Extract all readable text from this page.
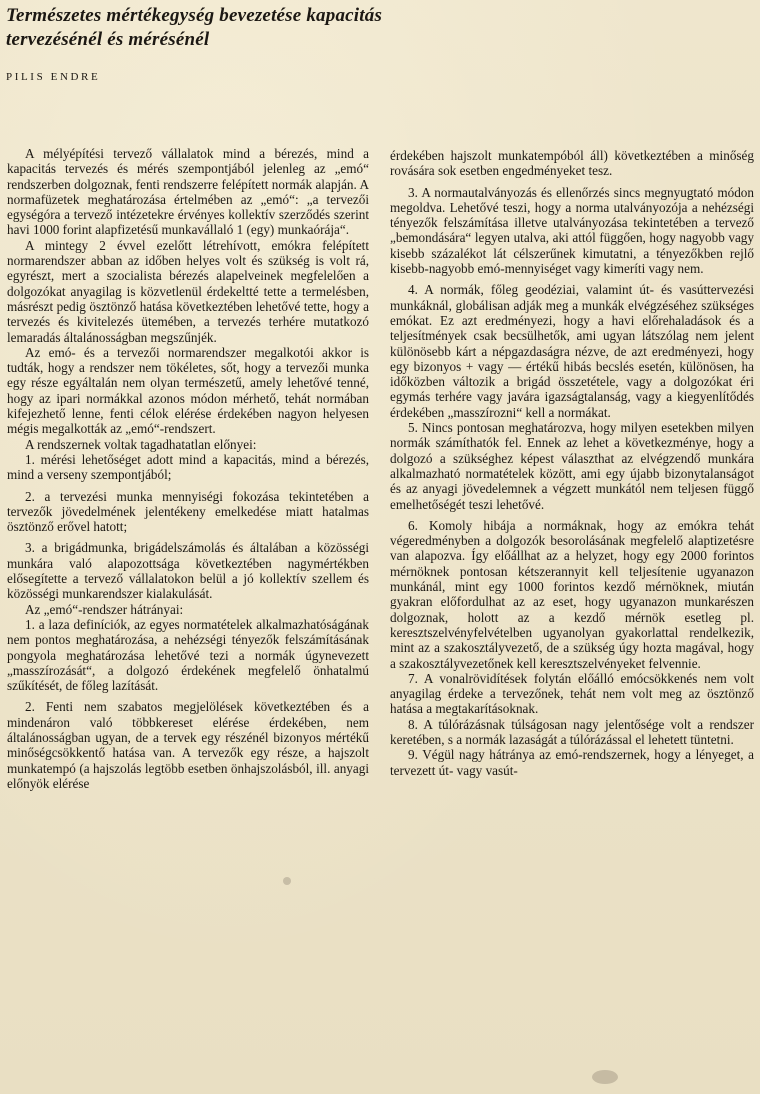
Természetes mértékegység bevezetése kapacitás
tervezésénél és mérésénél

PILIS ENDRE

A mélyépítési tervező vállalatok mind a bérezés, mind a kapacitás tervezés és mérés szempontjából jelenleg az „emó“ rendszerben dolgoznak, fenti rendszerre felépített normák alapján. A normafüzetek meghatározása értelmében az „emó“: „a tervezői egységóra a tervező intézetekre érvényes kollektív szerződés szerint havi 1000 forint alapfizetésű munkavállaló 1 (egy) munkaórája“.

A mintegy 2 évvel ezelőtt létrehívott, emókra felépített normarendszer abban az időben helyes volt és szükség is volt rá, egyrészt, mert a szocialista bérezés alapelveinek megfelelően a dolgozókat anyagilag is közvetlenül érdekeltté tette a termelésben, másrészt pedig ösztönző hatása következtében lehetővé tette, hogy a tervezés és kivitelezés ütemében, a tervezés terhére mutatkozó lemaradás általánosságban megszűnjék.

Az emó- és a tervezői normarendszer megalkotói akkor is tudták, hogy a rendszer nem tökéletes, sőt, hogy a tervezői munka egy része egyáltalán nem olyan természetű, amely lehetővé tenné, hogy az ipari normákkal azonos módon mérhető, tehát normában kifejezhető lenne, fenti célok elérése érdekében nagyon helyesen mégis megalkották az „emó“-rendszert.

A rendszernek voltak tagadhatatlan előnyei:

1. mérési lehetőséget adott mind a kapacitás, mind a bérezés, mind a verseny szempontjából;

2. a tervezési munka mennyiségi fokozása tekintetében a tervezők jövedelmének jelentékeny emelkedése miatt hatalmas ösztönző erővel hatott;

3. a brigádmunka, brigádelszámolás és általában a közösségi munkára való alapozottsága következtében nagymértékben elősegítette a tervező vállalatokon belül a jó kollektív szellem és közösségi munkarendszer kialakulását.

Az „emó“-rendszer hátrányai:

1. a laza definíciók, az egyes normatételek alkalmazhatóságának nem pontos meghatározása, a nehézségi tényezők felszámításának pongyola meghatározása lehetővé tezi a normák úgynevezett „masszírozását“, a dolgozó érdekének megfelelő önhatalmú szűkítését, de főleg lazítását.

2. Fenti nem szabatos megjelölések következtében és a mindenáron való többkereset elérése érdekében, nem általánosságban ugyan, de a tervek egy részénél bizonyos mértékű minőségcsökkentő hatása van. A tervezők egy része, a hajszolt munkatempó (a hajszolás legtöbb esetben önhajszolásból, ill. anyagi előnyök elérése

érdekében hajszolt munkatempóból áll) következtében a minőség rovására sok esetben engedményeket tesz.

3. A normautalványozás és ellenőrzés sincs megnyugtató módon megoldva. Lehetővé teszi, hogy a norma utalványozója a nehézségi tényezők felszámítása illetve utalványozása tekintetében a tervező „bemondására“ legyen utalva, aki attól függően, hogy nagyobb vagy kisebb százalékot lát célszerűnek kimutatni, a tényezőkben rejlő kisebb-nagyobb emó-mennyiséget vagy kimeríti vagy nem.

4. A normák, főleg geodéziai, valamint út- és vasúttervezési munkáknál, globálisan adják meg a munkák elvégzéséhez szükséges emókat. Ez azt eredményezi, hogy a havi előrehaladások és a teljesítmények csak becsülhetők, ami ugyan látszólag nem jelent különösebb kárt a népgazdaságra nézve, de azt eredményezi, hogy egy bizonyos + vagy — értékű hibás becslés esetén, különösen, ha időközben változik a brigád összetétele, vagy a dolgozókat éri egymás terhére vagy javára igazságtalanság, vagy a kiegyenlítődés érdekében „masszírozni“ kell a normákat.

5. Nincs pontosan meghatározva, hogy milyen esetekben milyen normák számíthatók fel. Ennek az lehet a következménye, hogy a dolgozó a szükséghez képest választhat az elvégzendő munkára alkalmazható normatételek között, ami egy újabb bizonytalanságot és az anyagi jövedelemnek a végzett munkától nem teljesen függő emelhetőségét teszi lehetővé.

6. Komoly hibája a normáknak, hogy az emókra tehát végeredményben a dolgozók besorolásának megfelelő alaptizetésre van alapozva. Így előállhat az a helyzet, hogy egy 2000 forintos mérnöknek pontosan kétszerannyit kell teljesítenie ugyanazon munkánál, mint egy 1000 forintos kezdő mérnöknek, miután gyakran előfordulhat az az eset, hogy ugyanazon munkarészen dolgoznak, holott az a kezdő mérnök esetleg pl. keresztszelvényfelvételben ugyanolyan gyakorlattal rendelkezik, mint az a szakosztályvezető, de a szükség úgy hozta magával, hogy a szakosztályvezetőnek kell keresztszelvényeket felvennie.

7. A vonalrövidítések folytán előálló emócsökkenés nem volt anyagilag érdeke a tervezőnek, tehát nem volt meg az ösztönző hatása a megtakarításoknak.

8. A túlórázásnak túlságosan nagy jelentősége volt a rendszer keretében, s a normák lazaságát a túlórázással el lehetett tüntetni.

9. Végül nagy hátránya az emó-rendszernek, hogy a lényeget, a tervezett út- vagy vasút-
